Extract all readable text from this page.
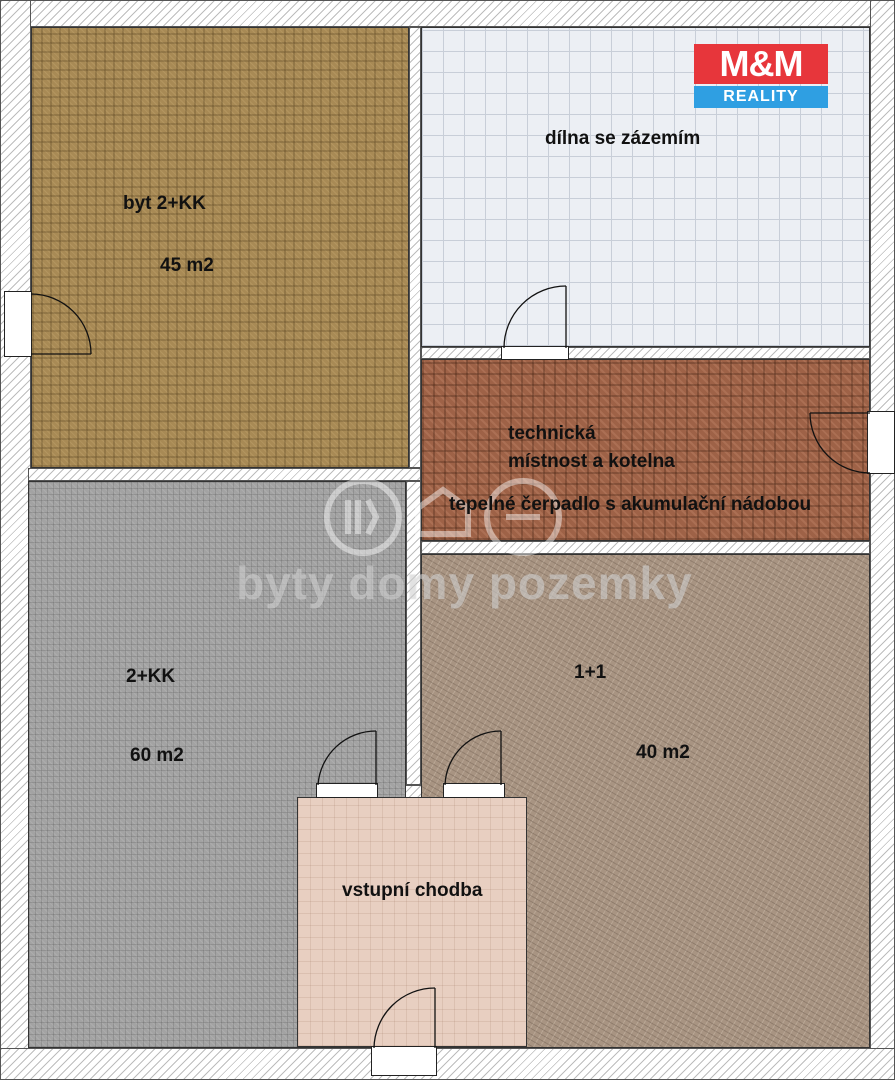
byty domy pozemky
M&M
REALITY
byt 2+KK
45 m2
dílna se zázemím
technická
místnost a kotelna
tepelné čerpadlo s akumulační nádobou
2+KK
60 m2
1+1
40 m2
vstupní chodba
